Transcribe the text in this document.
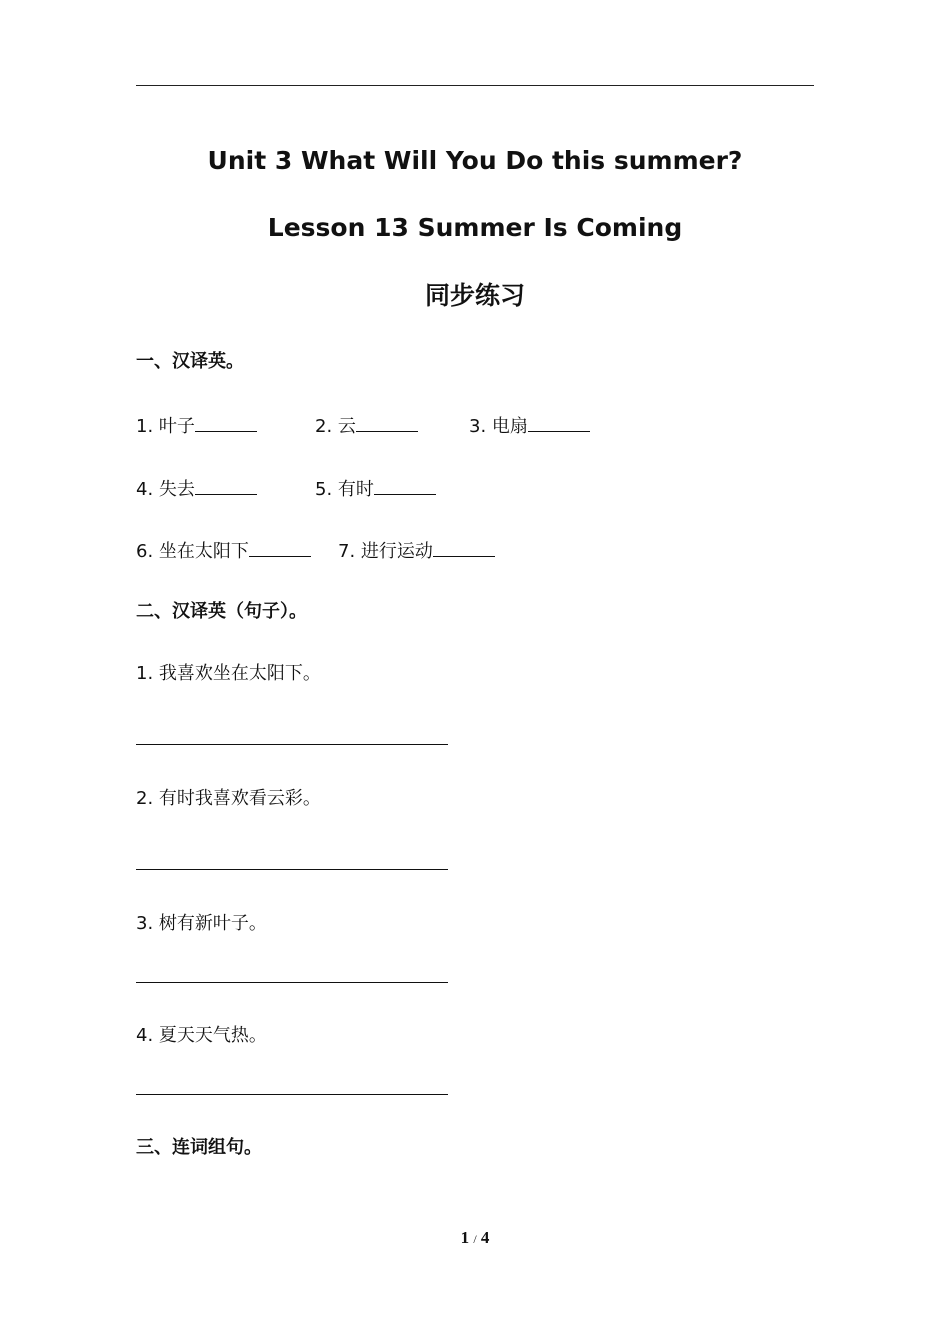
Unit 3 What Will You Do this summer?
Lesson 13 Summer Is Coming
同步练习
一、汉译英。
1. 叶子	2. 云	3. 电扇
4. 失去	5. 有时
6. 坐在太阳下	7. 进行运动
二、汉译英（句子）。
1. 我喜欢坐在太阳下。
2. 有时我喜欢看云彩。
3. 树有新叶子。
4. 夏天天气热。
三、连词组句。
1 / 4
